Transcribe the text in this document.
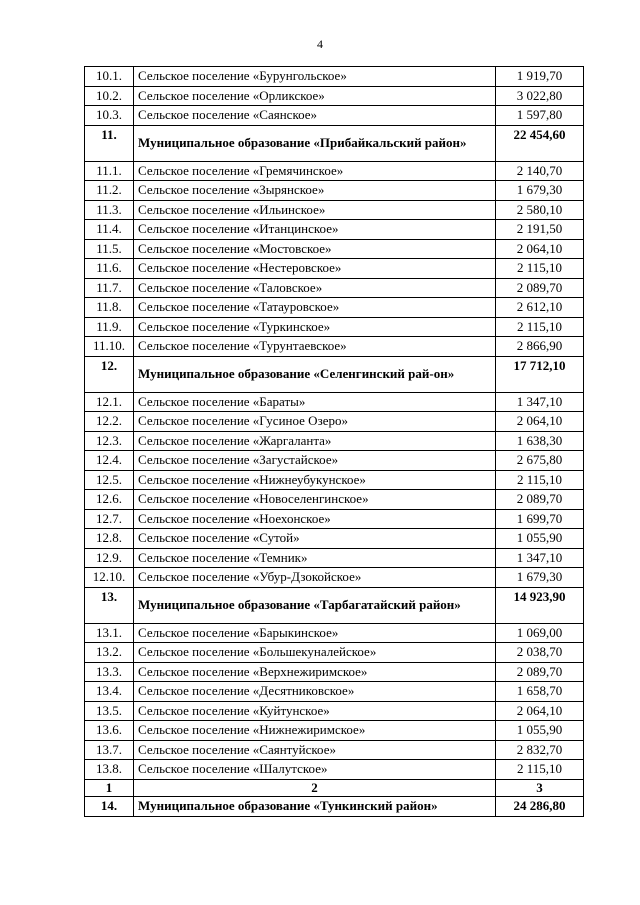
4
10.1.	Сельское поселение «Бурунгольское»	1 919,70
10.2.	Сельское поселение «Орликское»	3 022,80
10.3.	Сельское поселение «Саянское»	1 597,80
11.	Муниципальное образование «Прибайкальский район»	22 454,60
11.1.	Сельское поселение «Гремячинское»	2 140,70
11.2.	Сельское поселение «Зырянское»	1 679,30
11.3.	Сельское поселение «Ильинское»	2 580,10
11.4.	Сельское поселение «Итанцинское»	2 191,50
11.5.	Сельское поселение «Мостовское»	2 064,10
11.6.	Сельское поселение «Нестеровское»	2 115,10
11.7.	Сельское поселение «Таловское»	2 089,70
11.8.	Сельское поселение «Татауровское»	2 612,10
11.9.	Сельское поселение «Туркинское»	2 115,10
11.10.	Сельское поселение «Турунтаевское»	2 866,90
12.	Муниципальное образование «Селенгинский рай-он»	17 712,10
12.1.	Сельское поселение «Бараты»	1 347,10
12.2.	Сельское поселение «Гусиное Озеро»	2 064,10
12.3.	Сельское поселение «Жаргаланта»	1 638,30
12.4.	Сельское поселение «Загустайское»	2 675,80
12.5.	Сельское поселение «Нижнеубукунское»	2 115,10
12.6.	Сельское поселение «Новоселенгинское»	2 089,70
12.7.	Сельское поселение «Ноехонское»	1 699,70
12.8.	Сельское поселение «Сутой»	1 055,90
12.9.	Сельское поселение «Темник»	1 347,10
12.10.	Сельское поселение «Убур-Дзокойское»	1 679,30
13.	Муниципальное образование «Тарбагатайский район»	14 923,90
13.1.	Сельское поселение «Барыкинское»	1 069,00
13.2.	Сельское поселение «Большекуналейское»	2 038,70
13.3.	Сельское поселение «Верхнежиримское»	2 089,70
13.4.	Сельское поселение «Десятниковское»	1 658,70
13.5.	Сельское поселение «Куйтунское»	2 064,10
13.6.	Сельское поселение «Нижнежиримское»	1 055,90
13.7.	Сельское поселение «Саянтуйское»	2 832,70
13.8.	Сельское поселение «Шалутское»	2 115,10
1	2	3
14.	Муниципальное образование «Тункинский район»	24 286,80
